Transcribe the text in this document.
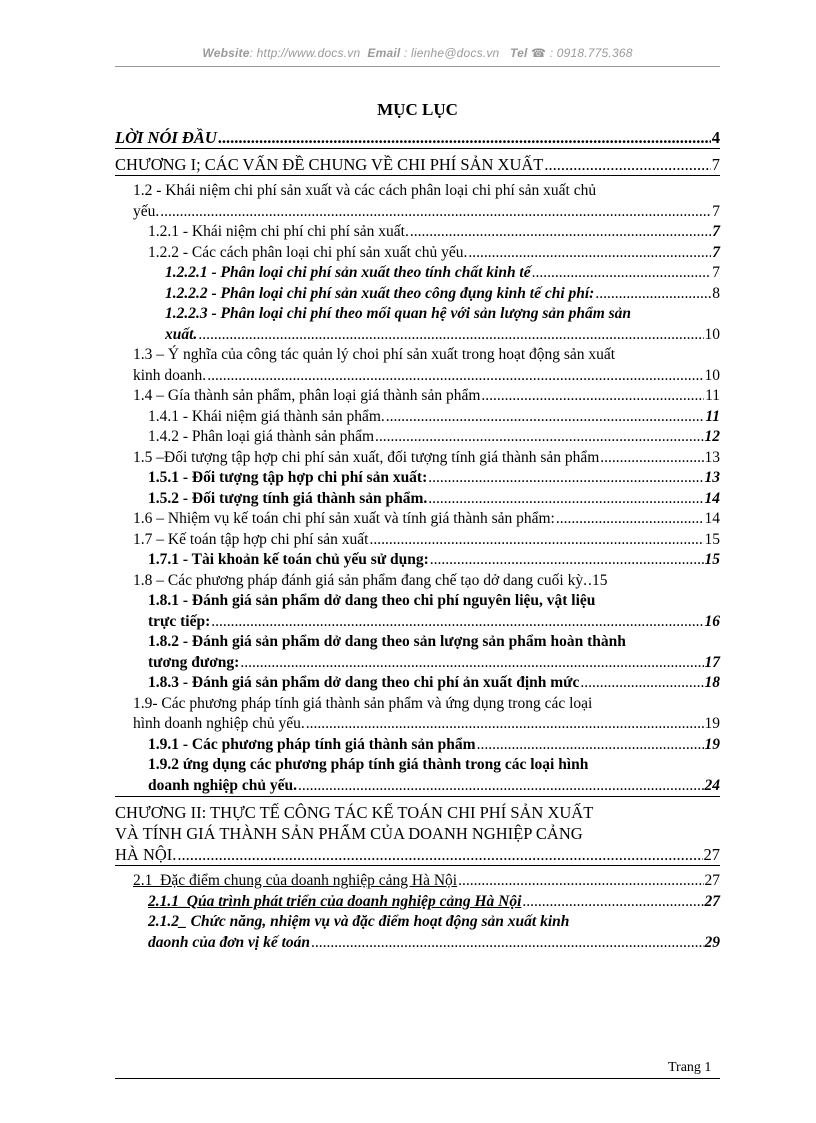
Website: http://www.docs.vn Email : lienhe@docs.vn Tel ☎ : 0918.775.368
MỤC LỤC
LỜI NÓI ĐẦU .....	4
CHƯƠNG I; CÁC VẤN ĐỀ CHUNG VỀ CHI PHÍ SẢN XUẤT .....	7
1.2 - Khái niệm chi phí sản xuất và các cách phân loại chi phí sản xuất chủ
yếu. .....	7
1.2.1 - Khái niệm chi phí chi phí sản xuất. .....	7
1.2.2 - Các cách phân loại chi phí sản xuất chủ yếu. .....	7
1.2.2.1 - Phân loại chi phí sản xuất theo tính chất kinh tế .....	7
1.2.2.2 - Phân loại chi phí sản xuất theo công đụng kinh tế chi phí: .....	8
1.2.2.3 - Phân loại chi phí theo mối quan hệ với sản lượng sản phẩm sản
xuất. .....	10
1.3 – Ý nghĩa của công tác quản lý choi phí sản xuất trong hoạt động sản xuất
kinh doanh. .....	10
1.4 – Gía thành sản phẩm, phân loại giá thành sản phẩm .....	11
1.4.1 - Khái niệm giá thành sản phẩm. .....	11
1.4.2 - Phân loại giá thành sản phẩm .....	12
1.5 –Đối tượng tập hợp chi phí sản xuất, đối tượng tính giá thành sản phẩm .....	13
1.5.1 - Đối tượng tập hợp chi phí sản xuất: .....	13
1.5.2 - Đối tượng tính giá thành sản phẩm. .....	14
1.6 – Nhiệm vụ kế toán chi phí sản xuất và tính giá thành sản phẩm: .....	14
1.7 – Kế toán tập hợp chi phí sản xuất .....	15
1.7.1 - Tài khoản kế toán chủ yếu sử dụng: .....	15
1.8 – Các phương pháp đánh giá sản phẩm đang chế tạo dở dang cuối kỳ. ..... 15
1.8.1 - Đánh giá sản phẩm dở dang theo chi phí nguyên liệu, vật liệu
trực tiếp: .....	16
1.8.2 - Đánh giá sản phẩm dở dang theo sản lượng sản phẩm hoàn thành
tương đương: .....	17
1.8.3 - Đánh giá sản phẩm dở dang theo chi phí ản xuất định mức .....	18
1.9- Các phương pháp tính giá thành sản phẩm và ứng dụng trong các loại
hình doanh nghiệp chủ yếu. .....	19
1.9.1 - Các phương pháp tính giá thành sản phẩm .....	19
1.9.2 ứng dụng các phương pháp tính giá thành trong các loại hình
doanh nghiệp chủ yếu. .....	24
CHƯƠNG II: THỰC TẾ CÔNG TÁC KẾ TOÁN CHI PHÍ SẢN XUẤT
VÀ TÍNH GIÁ THÀNH SẢN PHẨM CỦA DOANH NGHIỆP CẢNG
HÀ NỘI. .....	27
2.1_Đặc điểm chung của doanh nghiệp cảng Hà Nội .....	27
2.1.1_Qúa trình phát triển của doanh nghiệp cảng Hà Nội .....	27
2.1.2_ Chức năng, nhiệm vụ và đặc điểm hoạt động sản xuất kinh
daonh của đơn vị kế toán .....	29
Trang 1
